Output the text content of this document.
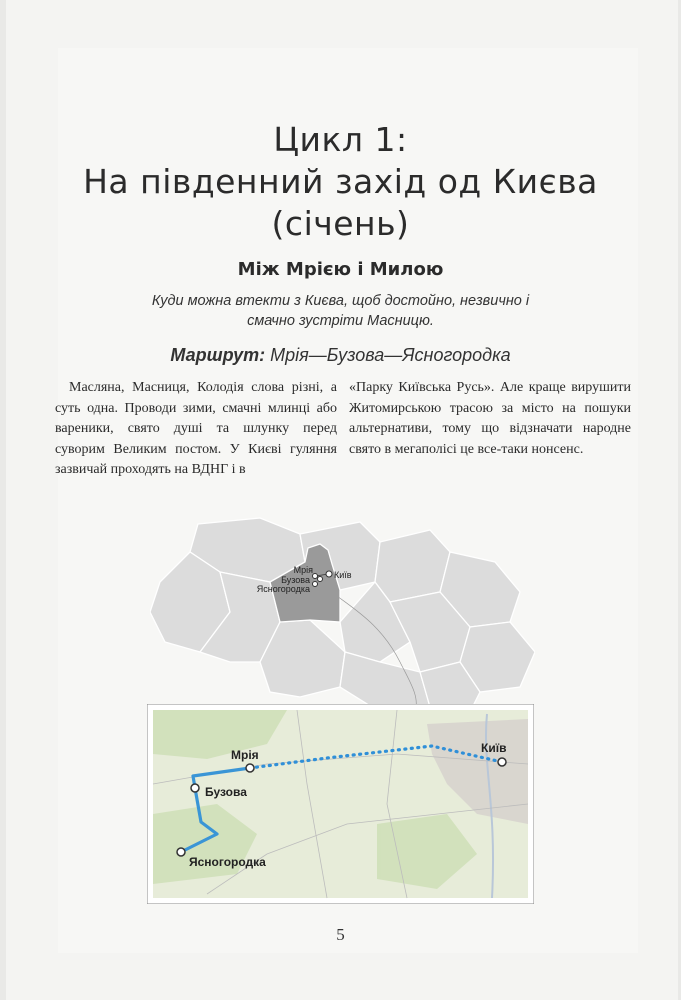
Цикл 1:
На південний захід од Києва
(січень)
Між Мрією і Милою
Куди можна втекти з Києва, щоб достойно, незвично і смачно зустріти Масницю.
Маршрут: Мрія—Бузова—Ясногородка
Масляна, Масниця, Колодія слова різні, а суть одна. Проводи зими, смачні млинці або вареники, свято душі та шлунку перед суворим Великим постом. У Києві гуляння зазвичай проходять на ВДНГ і в
«Парку Київська Русь». Але краще вирушити Житомирською трасою за місто на пошуки альтернативи, тому що відзначати народне свято в мегаполісі це все-таки нонсенс.
Мрія
Бузова
Ясногородка
Київ
Мрія
Бузова
Ясногородка
Київ
5
